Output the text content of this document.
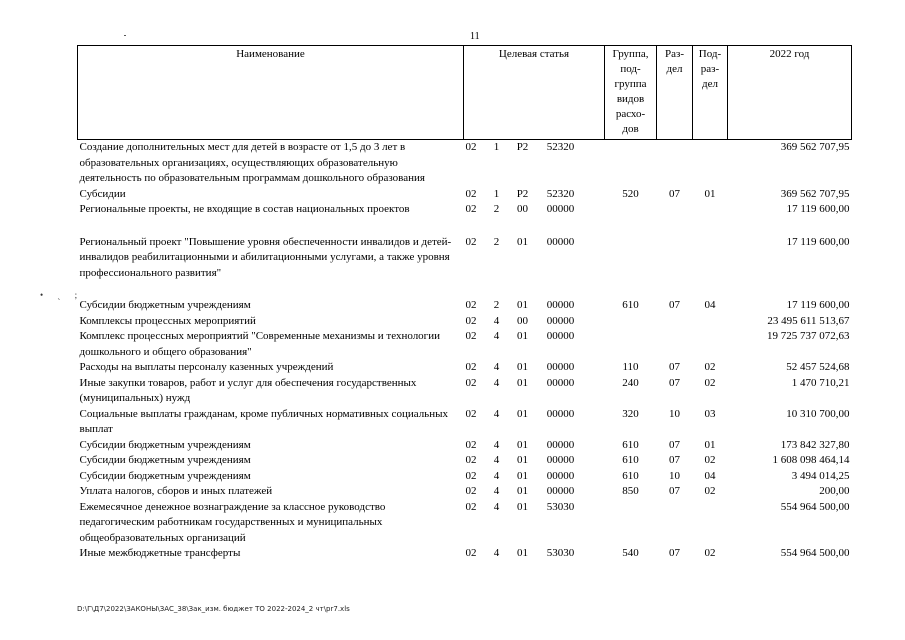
11
• ˏ ;
Наименование	Целевая статья	Группа, под- группа видов расхо- дов	Раз- дел	Под- раз- дел	2022 год
Создание дополнительных мест для детей в возрасте от 1,5 до 3 лет в образовательных организациях, осуществляющих образовательную деятельность по образовательным программам дошкольного образования	02 1 P2 52320				369 562 707,95
Субсидии	02 1 P2 52320	520	07	01	369 562 707,95
Региональные проекты, не входящие в состав национальных проектов	02 2 00 00000				17 119 600,00
Региональный проект "Повышение уровня обеспеченности инвалидов и детей-инвалидов реабилитационными и абилитационными услугами, а также уровня профессионального развития"	02 2 01 00000				17 119 600,00
Субсидии бюджетным учреждениям	02 2 01 00000	610	07	04	17 119 600,00
Комплексы процессных мероприятий	02 4 00 00000				23 495 611 513,67
Комплекс процессных мероприятий "Современные механизмы и технологии дошкольного и общего образования"	02 4 01 00000				19 725 737 072,63
Расходы на выплаты персоналу казенных учреждений	02 4 01 00000	110	07	02	52 457 524,68
Иные закупки товаров, работ и услуг для обеспечения государственных (муниципальных) нужд	02 4 01 00000	240	07	02	1 470 710,21
Социальные выплаты гражданам, кроме публичных нормативных социальных выплат	02 4 01 00000	320	10	03	10 310 700,00
Субсидии бюджетным учреждениям	02 4 01 00000	610	07	01	173 842 327,80
Субсидии бюджетным учреждениям	02 4 01 00000	610	07	02	1 608 098 464,14
Субсидии бюджетным учреждениям	02 4 01 00000	610	10	04	3 494 014,25
Уплата налогов, сборов и иных платежей	02 4 01 00000	850	07	02	200,00
Ежемесячное денежное вознаграждение за классное руководство педагогическим работникам государственных и муниципальных общеобразовательных организаций	02 4 01 53030				554 964 500,00
Иные межбюджетные трансферты	02 4 01 53030	540	07	02	554 964 500,00
D:\Г\Д7\2022\ЗАКОНЫ\ЗАС_38\Зак_изм. бюджет ТО 2022-2024_2 чт\pr7.xls
